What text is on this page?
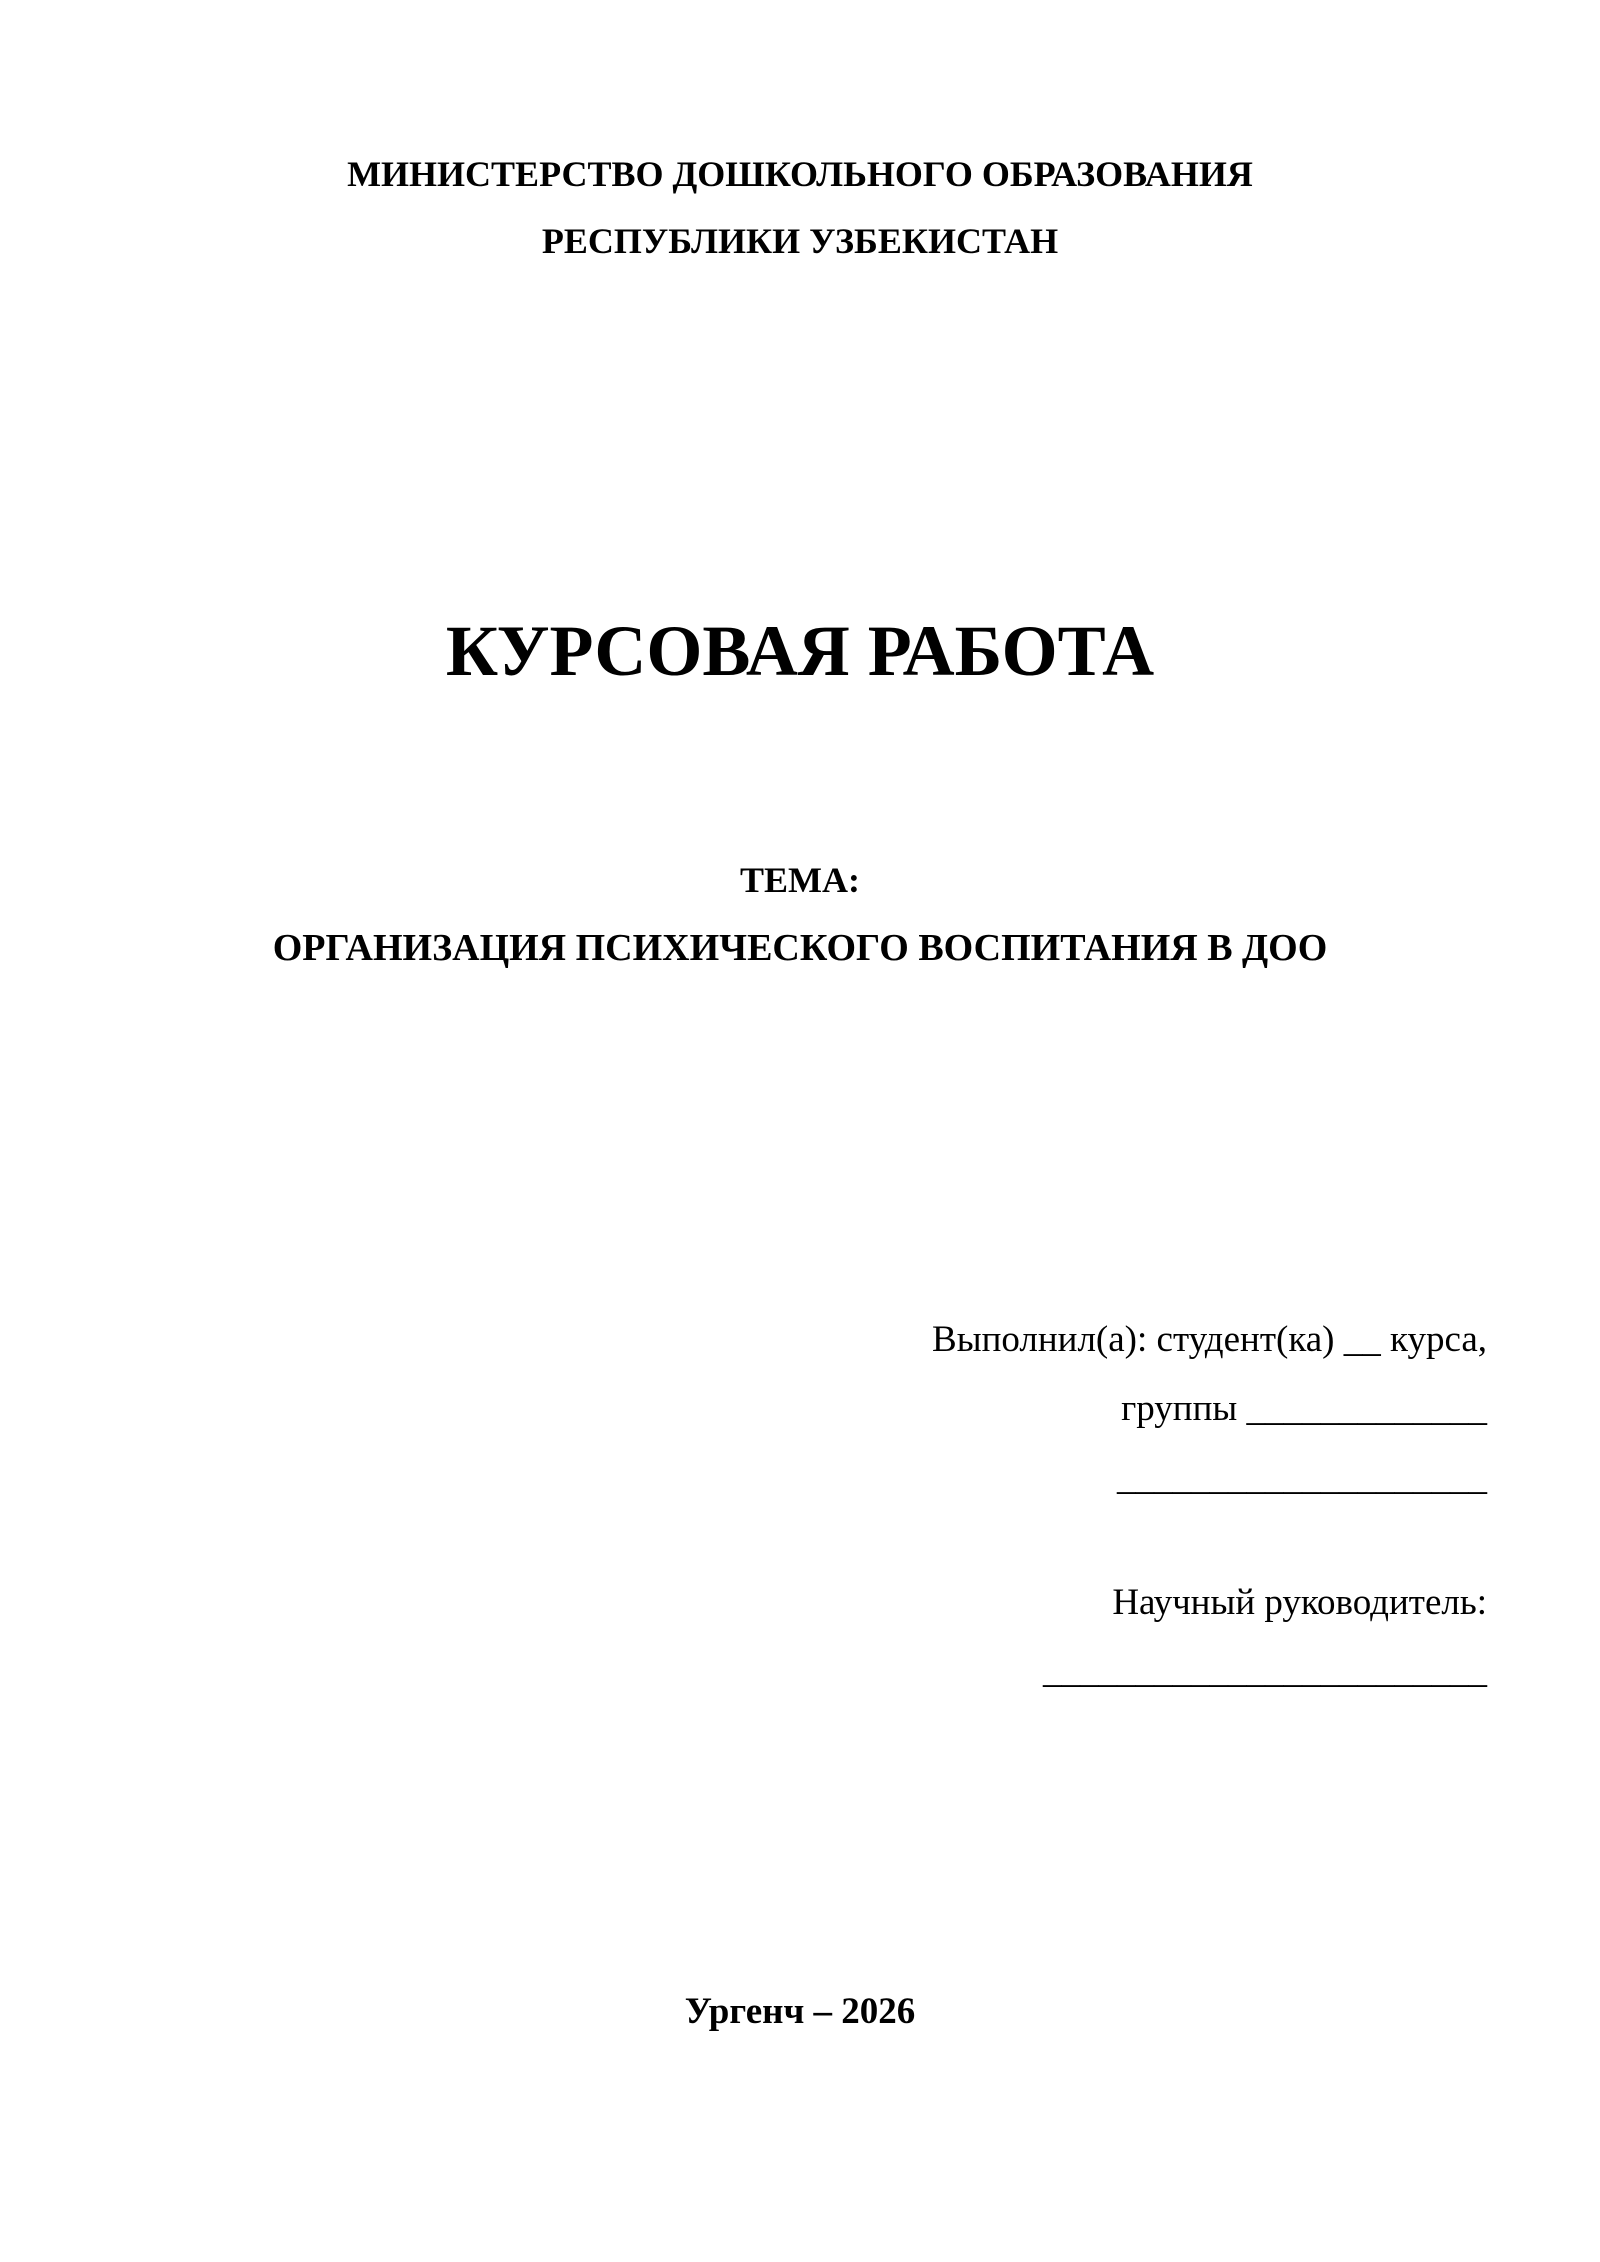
МИНИСТЕРСТВО ДОШКОЛЬНОГО ОБРАЗОВАНИЯ
РЕСПУБЛИКИ УЗБЕКИСТАН
КУРСОВАЯ РАБОТА
ТЕМА:
ОРГАНИЗАЦИЯ ПСИХИЧЕСКОГО ВОСПИТАНИЯ В ДОО
Выполнил(а): студент(ка) __ курса,
группы _____________
____________________
Научный руководитель:
________________________
Ургенч – 2026
